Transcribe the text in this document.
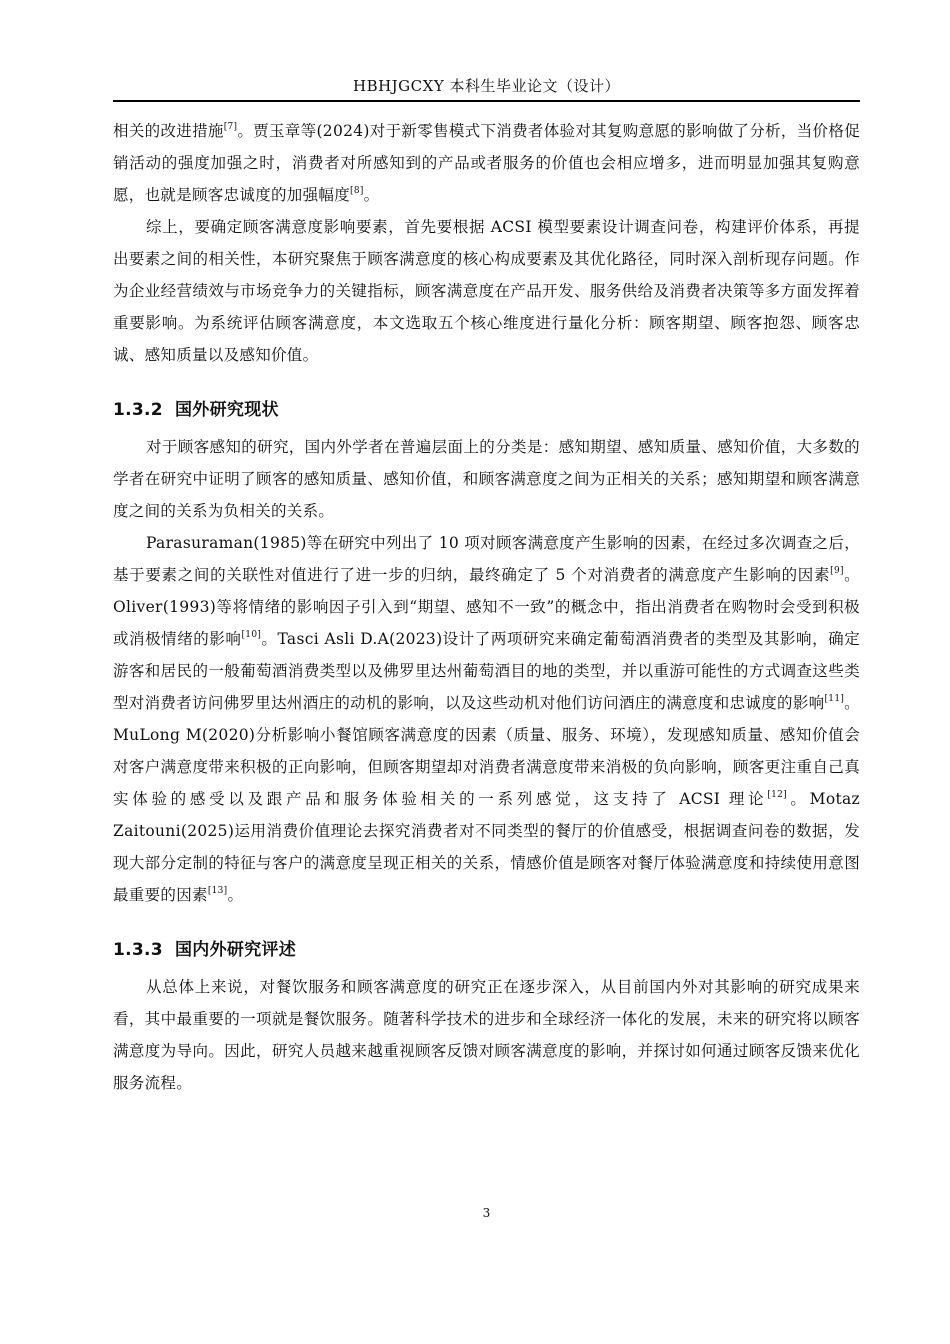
HBHJGCXY 本科生毕业论文（设计）

相关的改进措施[7]。贾玉章等(2024)对于新零售模式下消费者体验对其复购意愿的影响做了分析，当价格促销活动的强度加强之时，消费者对所感知到的产品或者服务的价值也会相应增多，进而明显加强其复购意愿，也就是顾客忠诚度的加强幅度[8]。

综上，要确定顾客满意度影响要素，首先要根据 ACSI 模型要素设计调查问卷，构建评价体系，再提出要素之间的相关性，本研究聚焦于顾客满意度的核心构成要素及其优化路径，同时深入剖析现存问题。作为企业经营绩效与市场竞争力的关键指标，顾客满意度在产品开发、服务供给及消费者决策等多方面发挥着重要影响。为系统评估顾客满意度，本文选取五个核心维度进行量化分析：顾客期望、顾客抱怨、顾客忠诚、感知质量以及感知价值。

1.3.2 国外研究现状

对于顾客感知的研究，国内外学者在普遍层面上的分类是：感知期望、感知质量、感知价值，大多数的学者在研究中证明了顾客的感知质量、感知价值，和顾客满意度之间为正相关的关系；感知期望和顾客满意度之间的关系为负相关的关系。

Parasuraman(1985)等在研究中列出了 10 项对顾客满意度产生影响的因素，在经过多次调查之后，基于要素之间的关联性对值进行了进一步的归纳，最终确定了 5 个对消费者的满意度产生影响的因素[9]。Oliver(1993)等将情绪的影响因子引入到“期望、感知不一致”的概念中，指出消费者在购物时会受到积极或消极情绪的影响[10]。Tasci Asli D.A(2023)设计了两项研究来确定葡萄酒消费者的类型及其影响，确定游客和居民的一般葡萄酒消费类型以及佛罗里达州葡萄酒目的地的类型，并以重游可能性的方式调查这些类型对消费者访问佛罗里达州酒庄的动机的影响，以及这些动机对他们访问酒庄的满意度和忠诚度的影响[11]。MuLong M(2020)分析影响小餐馆顾客满意度的因素（质量、服务、环境），发现感知质量、感知价值会对客户满意度带来积极的正向影响，但顾客期望却对消费者满意度带来消极的负向影响，顾客更注重自己真实体验的感受以及跟产品和服务体验相关的一系列感觉，这支持了 ACSI 理论[12]。Motaz Zaitouni(2025)运用消费价值理论去探究消费者对不同类型的餐厅的价值感受，根据调查问卷的数据，发现大部分定制的特征与客户的满意度呈现正相关的关系，情感价值是顾客对餐厅体验满意度和持续使用意图最重要的因素[13]。

1.3.3 国内外研究评述

从总体上来说，对餐饮服务和顾客满意度的研究正在逐步深入，从目前国内外对其影响的研究成果来看，其中最重要的一项就是餐饮服务。随著科学技术的进步和全球经济一体化的发展，未来的研究将以顾客满意度为导向。因此，研究人员越来越重视顾客反馈对顾客满意度的影响，并探讨如何通过顾客反馈来优化服务流程。

3
